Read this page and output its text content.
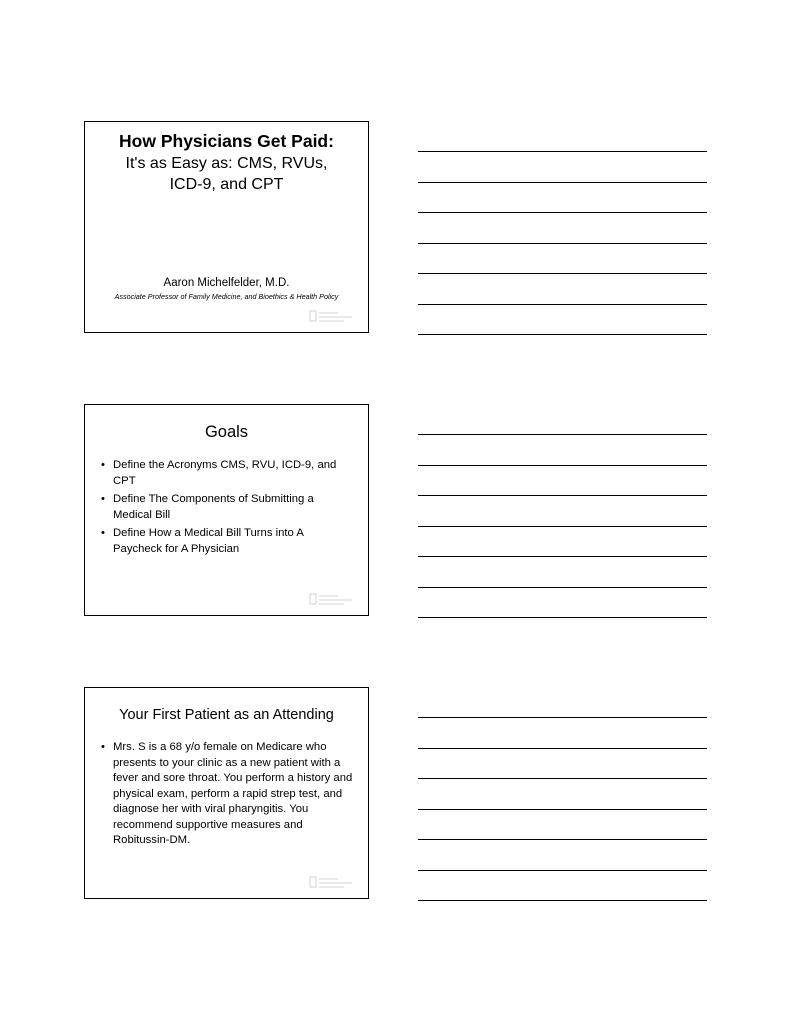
How Physicians Get Paid:
It's as Easy as: CMS, RVUs,
ICD-9, and CPT
Aaron Michelfelder, M.D.
Associate Professor of Family Medicine, and Bioethics & Health Policy
Goals
• Define the Acronyms CMS, RVU, ICD-9, and CPT
• Define The Components of Submitting a Medical Bill
• Define How a Medical Bill Turns into A Paycheck for A Physician
Your First Patient as an Attending
• Mrs. S is a 68 y/o female on Medicare who presents to your clinic as a new patient with a fever and sore throat. You perform a history and physical exam, perform a rapid strep test, and diagnose her with viral pharyngitis. You recommend supportive measures and Robitussin-DM.
